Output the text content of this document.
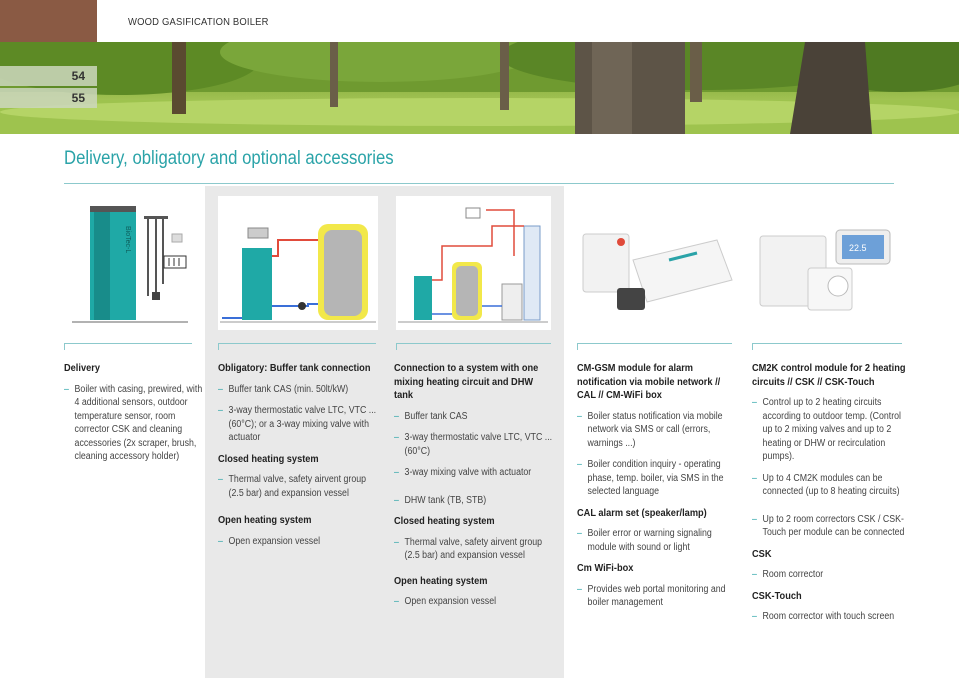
WOOD GASIFICATION BOILER
54
55
Delivery, obligatory and optional accessories
BioTec-L	22.5
Delivery
– Boiler with casing, prewired, with 4 additional sensors, outdoor temperature sensor, room corrector CSK and cleaning accessories (2x scraper, brush, cleaning accessory holder)
Obligatory: Buffer tank connection
– Buffer tank CAS (min. 50lt/kW)
– 3-way thermostatic valve LTC, VTC ... (60°C); or a 3-way mixing valve with actuator
Closed heating system
– Thermal valve, safety airvent group (2.5 bar) and expansion vessel
Open heating system
– Open expansion vessel
Connection to a system with one mixing heating circuit and DHW tank
– Buffer tank CAS
– 3-way thermostatic valve LTC, VTC ... (60°C)
– 3-way mixing valve with actuator
– DHW tank (TB, STB)
Closed heating system
– Thermal valve, safety airvent group (2.5 bar) and expansion vessel
Open heating system
– Open expansion vessel
CM-GSM module for alarm notification via mobile network // CAL // CM-WiFi box
– Boiler status notification via mobile network via SMS or call (errors, warnings ...)
– Boiler condition inquiry - operating phase, temp. boiler, via SMS in the selected language
CAL alarm set (speaker/lamp)
– Boiler error or warning signaling module with sound or light
Cm WiFi-box
– Provides web portal monitoring and boiler management
CM2K control module for 2 heating circuits // CSK // CSK-Touch
– Control up to 2 heating circuits according to outdoor temp. (Control up to 2 mixing valves and up to 2 heating or DHW or recirculation pumps).
– Up to 4 CM2K modules can be connected (up to 8 heating circuits)
– Up to 2 room correctors CSK / CSK-Touch per module can be connected
CSK
– Room corrector
CSK-Touch
– Room corrector with touch screen
